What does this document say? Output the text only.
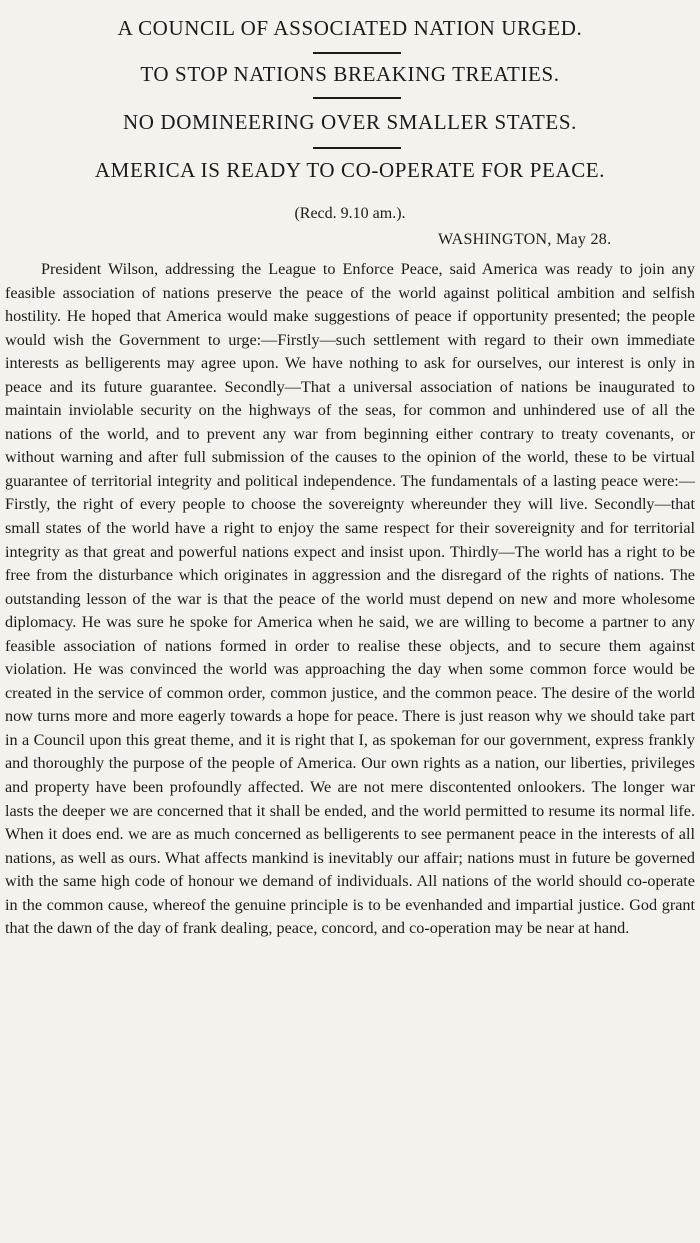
A COUNCIL OF ASSOCIATED NATION URGED.
TO STOP NATIONS BREAKING TREATIES.
NO DOMINEERING OVER SMALLER STATES.
AMERICA IS READY TO CO-OPERATE FOR PEACE.
(Recd. 9.10 am.).
WASHINGTON, May 28.

President Wilson, addressing the League to Enforce Peace, said America was ready to join any feasible association of nations preserve the peace of the world against political ambition and selfish hostility. He hoped that America would make suggestions of peace if opportunity presented; the people would wish the Government to urge:—Firstly—such settlement with regard to their own immediate interests as belligerents may agree upon. We have nothing to ask for ourselves, our interest is only in peace and its future guarantee. Secondly—That a universal association of nations be inaugurated to maintain inviolable security on the highways of the seas, for common and unhindered use of all the nations of the world, and to prevent any war from beginning either contrary to treaty covenants, or without warning and after full submission of the causes to the opinion of the world, these to be virtual guarantee of territorial integrity and political independence. The fundamentals of a lasting peace were:—Firstly, the right of every people to choose the sovereignty whereunder they will live. Secondly—that small states of the world have a right to enjoy the same respect for their sovereignity and for territorial integrity as that great and powerful nations expect and insist upon. Thirdly—The world has a right to be free from the disturbance which originates in aggression and the disregard of the rights of nations. The outstanding lesson of the war is that the peace of the world must depend on new and more wholesome diplomacy. He was sure he spoke for America when he said, we are willing to become a partner to any feasible association of nations formed in order to realise these objects, and to secure them against violation. He was convinced the world was approaching the day when some common force would be created in the service of common order, common justice, and the common peace. The desire of the world now turns more and more eagerly towards a hope for peace. There is just reason why we should take part in a Council upon this great theme, and it is right that I, as spokeman for our government, express frankly and thoroughly the purpose of the people of America. Our own rights as a nation, our liberties, privileges and property have been profoundly affected. We are not mere discontented onlookers. The longer war lasts the deeper we are concerned that it shall be ended, and the world permitted to resume its normal life. When it does end. we are as much concerned as belligerents to see permanent peace in the interests of all nations, as well as ours. What affects mankind is inevitably our affair; nations must in future be governed with the same high code of honour we demand of individuals. All nations of the world should co-operate in the common cause, whereof the genuine principle is to be evenhanded and impartial justice. God grant that the dawn of the day of frank dealing, peace, concord, and co-operation may be near at hand.
